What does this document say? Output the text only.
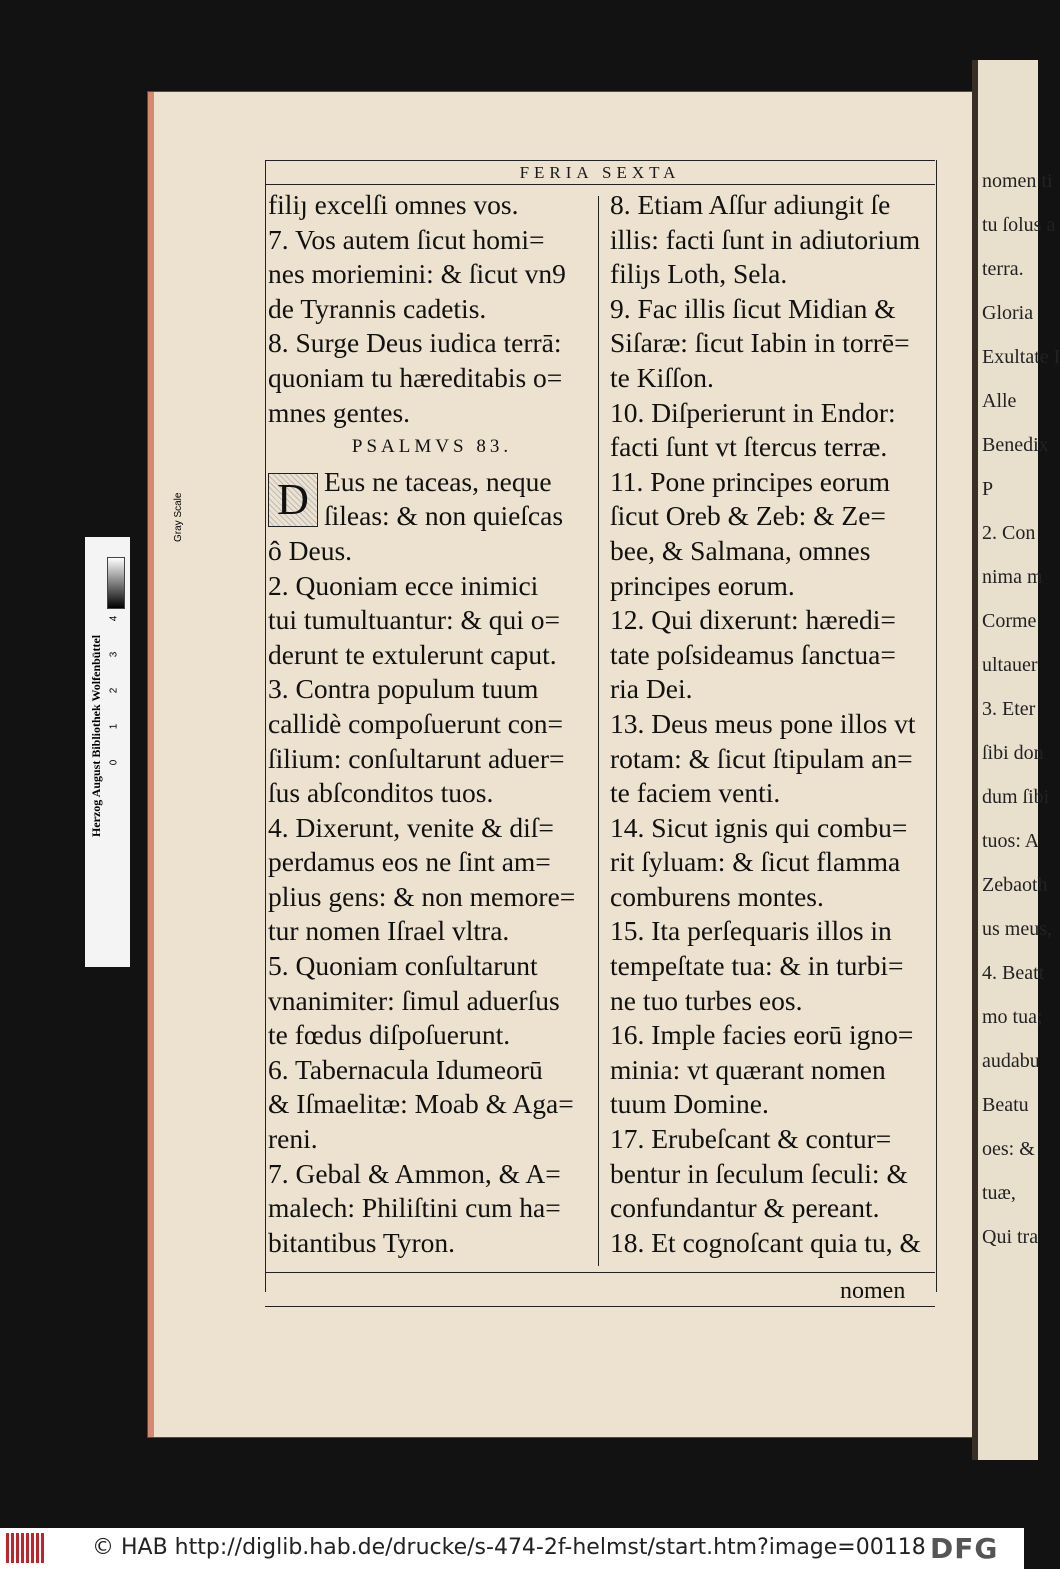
nomen ti
tu ſolus a
terra.
Gloria
Exultate I
Alle
Benedix
P
2. Con
nima m
Corme
ultauer
3. Eter
ſibi don
dum ſibi
tuos: A
Zebaoth
us meus,
4. Beatt
mo tua;
audabu
Beatu
oes: &
tuæ,
Qui tra
FERIA SEXTA
filiȷ excelſi omnes vos.
7. Vos autem ſicut homi=
nes moriemini: & ſicut vn9
de Tyrannis cadetis.
8. Surge Deus iudica terrā:
quoniam tu hæreditabis o=
mnes gentes.
PSALMVS 83.
D Eus ne taceas, neque
ſileas: & non quieſcas
ô Deus.
2. Quoniam ecce inimici
tui tumultuantur: & qui o=
derunt te extulerunt caput.
3. Contra populum tuum
callidè compoſuerunt con=
ſilium: conſultarunt aduer=
ſus abſconditos tuos.
4. Dixerunt, venite & diſ=
perdamus eos ne ſint am=
plius gens: & non memore=
tur nomen Iſrael vltra.
5. Quoniam conſultarunt
vnanimiter: ſimul aduerſus
te fœdus diſpoſuerunt.
6. Tabernacula Idumeorū
& Iſmaelitæ: Moab & Aga=
reni.
7. Gebal & Ammon, & A=
malech: Philiſtini cum ha=
bitantibus Tyron.
8. Etiam Aſſur adiungit ſe
illis: facti ſunt in adiutorium
filiȷs Loth, Sela.
9. Fac illis ſicut Midian &
Siſaræ: ſicut Iabin in torrē=
te Kiſſon.
10. Diſperierunt in Endor:
facti ſunt vt ſtercus terræ.
11. Pone principes eorum
ſicut Oreb & Zeb: & Ze=
bee, & Salmana, omnes
principes eorum.
12. Qui dixerunt: hæredi=
tate poſsideamus ſanctua=
ria Dei.
13. Deus meus pone illos vt
rotam: & ſicut ſtipulam an=
te faciem venti.
14. Sicut ignis qui combu=
rit ſyluam: & ſicut flamma
comburens montes.
15. Ita perſequaris illos in
tempeſtate tua: & in turbi=
ne tuo turbes eos.
16. Imple facies eorū igno=
minia: vt quærant nomen
tuum Domine.
17. Erubeſcant & contur=
bentur in ſeculum ſeculi: &
confundantur & pereant.
18. Et cognoſcant quia tu, &
nomen
Gray Scale
Herzog August Bibliothek Wolfenbüttel 0
1
2
3
4
© HAB http://diglib.hab.de/drucke/s-474-2f-helmst/start.htm?image=00118 DFG
